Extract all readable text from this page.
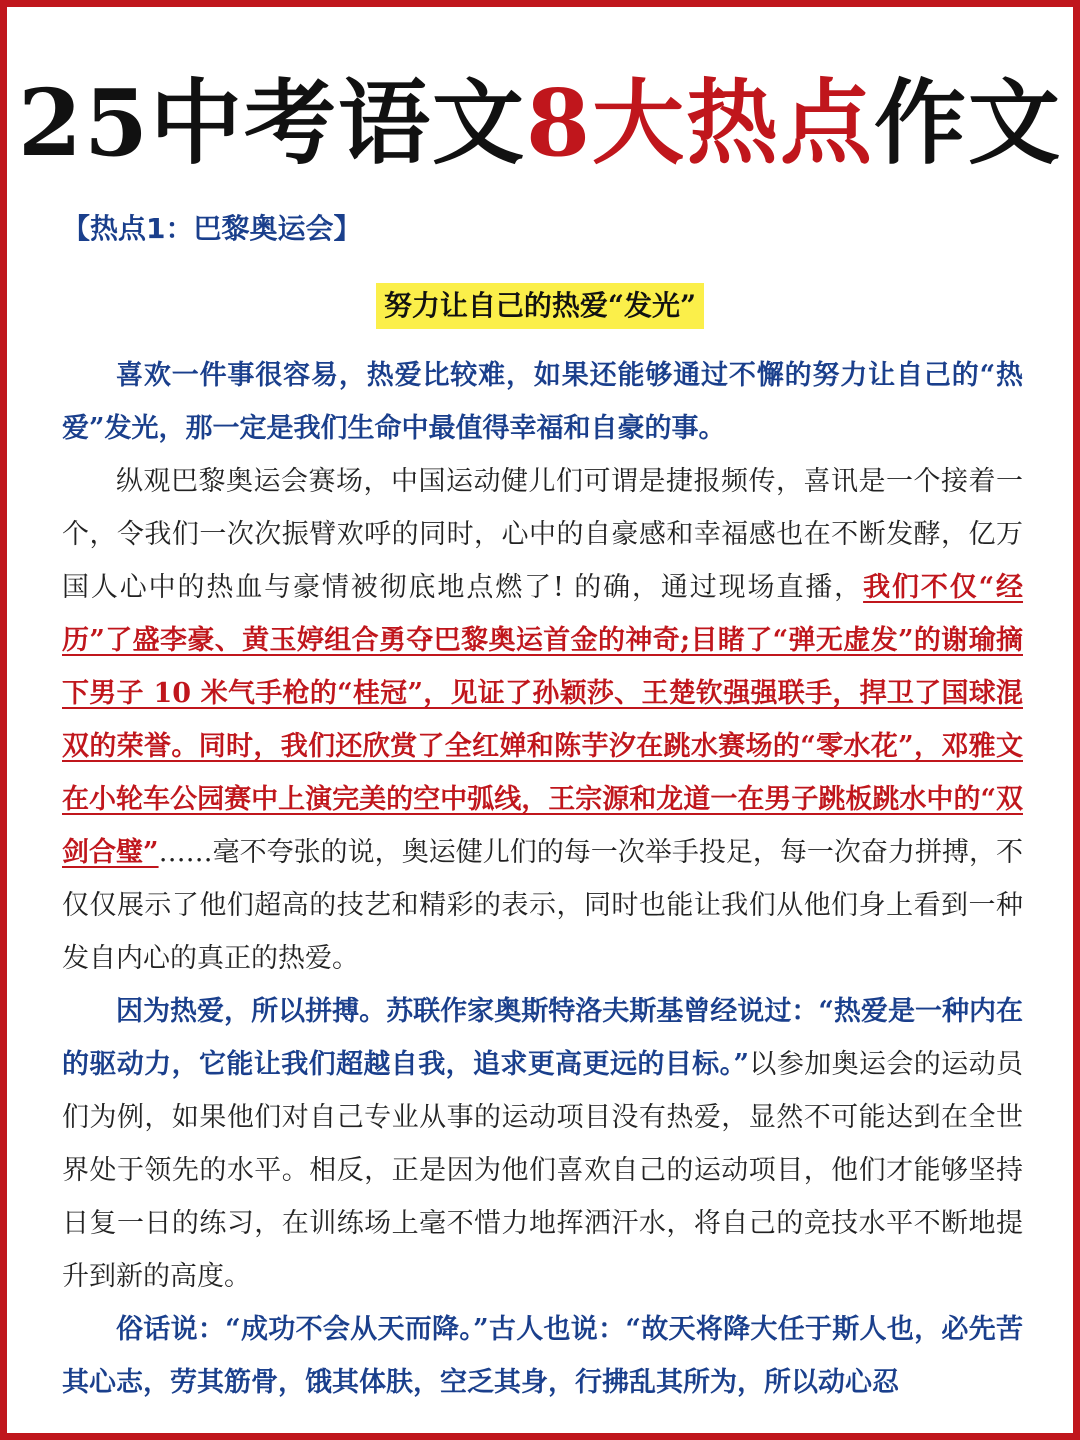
25中考语文8大热点作文
【热点1：巴黎奥运会】
努力让自己的热爱“发光”

喜欢一件事很容易，热爱比较难，如果还能够通过不懈的努力让自己的“热爱”发光，那一定是我们生命中最值得幸福和自豪的事。

纵观巴黎奥运会赛场，中国运动健儿们可谓是捷报频传，喜讯是一个接着一个，令我们一次次振臂欢呼的同时，心中的自豪感和幸福感也在不断发酵，亿万国人心中的热血与豪情被彻底地点燃了! 的确，通过现场直播，我们不仅“经历”了盛李豪、黄玉婷组合勇夺巴黎奥运首金的神奇;目睹了“弹无虚发”的谢瑜摘下男子 10 米气手枪的“桂冠”，见证了孙颖莎、王楚钦强强联手，捍卫了国球混双的荣誉。同时，我们还欣赏了全红婵和陈芋汐在跳水赛场的“零水花”，邓雅文在小轮车公园赛中上演完美的空中弧线，王宗源和龙道一在男子跳板跳水中的“双剑合璧”……毫不夸张的说，奥运健儿们的每一次举手投足，每一次奋力拼搏，不仅仅展示了他们超高的技艺和精彩的表示，同时也能让我们从他们身上看到一种发自内心的真正的热爱。

因为热爱，所以拼搏。苏联作家奥斯特洛夫斯基曾经说过：“热爱是一种内在的驱动力，它能让我们超越自我，追求更高更远的目标。”以参加奥运会的运动员们为例，如果他们对自己专业从事的运动项目没有热爱，显然不可能达到在全世界处于领先的水平。相反，正是因为他们喜欢自己的运动项目，他们才能够坚持日复一日的练习，在训练场上毫不惜力地挥洒汗水，将自己的竞技水平不断地提升到新的高度。

俗话说：“成功不会从天而降。”古人也说：“故天将降大任于斯人也，必先苦其心志，劳其筋骨，饿其体肤，空乏其身，行拂乱其所为，所以动心忍
